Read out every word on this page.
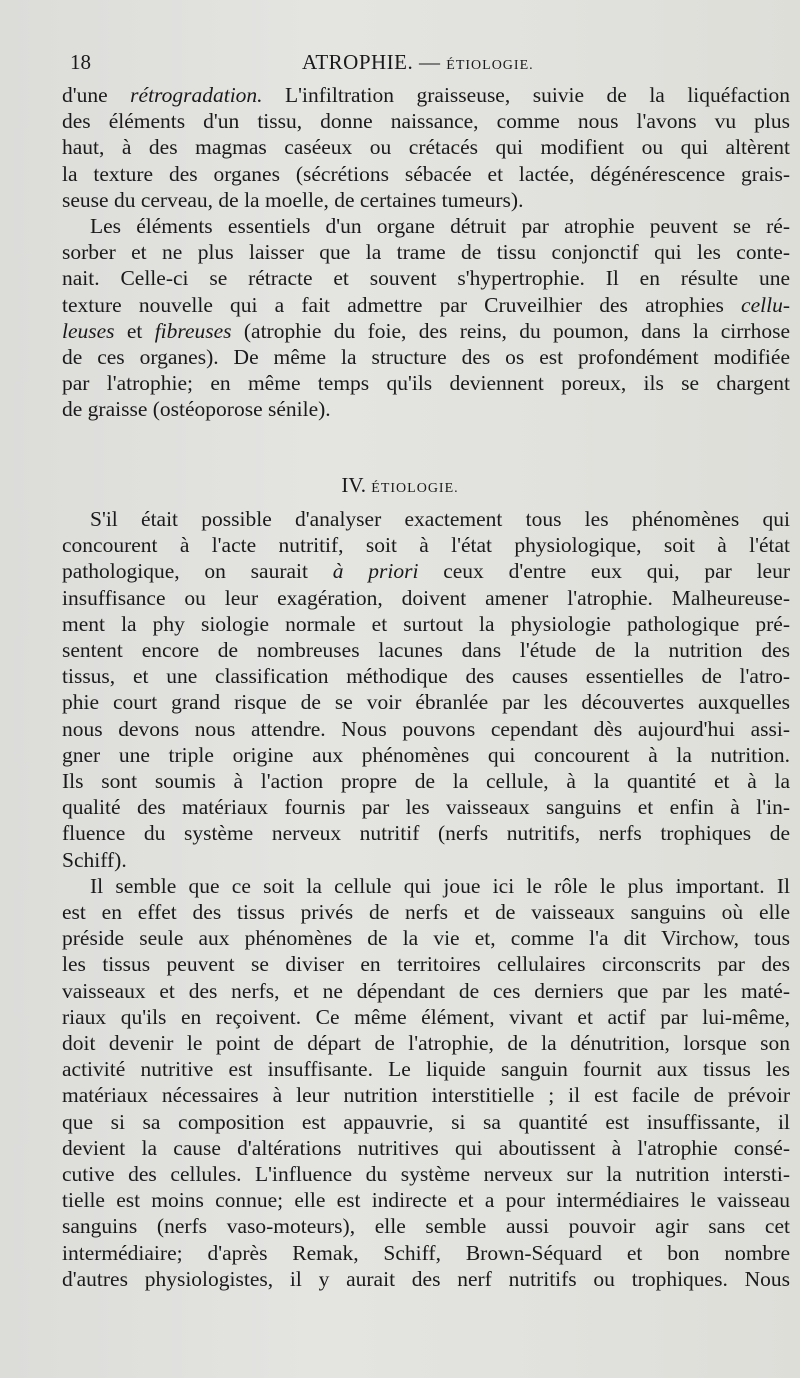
18	ATROPHIE. — ÉTIOLOGIE.
d'une rétrogradation. L'infiltration graisseuse, suivie de la liquéfaction
des éléments d'un tissu, donne naissance, comme nous l'avons vu plus
haut, à des magmas caséeux ou crétacés qui modifient ou qui altèrent
la texture des organes (sécrétions sébacée et lactée, dégénérescence grais-
seuse du cerveau, de la moelle, de certaines tumeurs).
Les éléments essentiels d'un organe détruit par atrophie peuvent se ré-
sorber et ne plus laisser que la trame de tissu conjonctif qui les conte-
nait. Celle-ci se rétracte et souvent s'hypertrophie. Il en résulte une
texture nouvelle qui a fait admettre par Cruveilhier des atrophies cellu-
leuses et fibreuses (atrophie du foie, des reins, du poumon, dans la cirrhose
de ces organes). De même la structure des os est profondément modifiée
par l'atrophie; en même temps qu'ils deviennent poreux, ils se chargent
de graisse (ostéoporose sénile).
IV. ÉTIOLOGIE.
S'il était possible d'analyser exactement tous les phénomènes qui
concourent à l'acte nutritif, soit à l'état physiologique, soit à l'état
pathologique, on saurait à priori ceux d'entre eux qui, par leur
insuffisance ou leur exagération, doivent amener l'atrophie. Malheureuse-
ment la phy siologie normale et surtout la physiologie pathologique pré-
sentent encore de nombreuses lacunes dans l'étude de la nutrition des
tissus, et une classification méthodique des causes essentielles de l'atro-
phie court grand risque de se voir ébranlée par les découvertes auxquelles
nous devons nous attendre. Nous pouvons cependant dès aujourd'hui assi-
gner une triple origine aux phénomènes qui concourent à la nutrition.
Ils sont soumis à l'action propre de la cellule, à la quantité et à la
qualité des matériaux fournis par les vaisseaux sanguins et enfin à l'in-
fluence du système nerveux nutritif (nerfs nutritifs, nerfs trophiques de
Schiff).
Il semble que ce soit la cellule qui joue ici le rôle le plus important. Il
est en effet des tissus privés de nerfs et de vaisseaux sanguins où elle
préside seule aux phénomènes de la vie et, comme l'a dit Virchow, tous
les tissus peuvent se diviser en territoires cellulaires circonscrits par des
vaisseaux et des nerfs, et ne dépendant de ces derniers que par les maté-
riaux qu'ils en reçoivent. Ce même élément, vivant et actif par lui-même,
doit devenir le point de départ de l'atrophie, de la dénutrition, lorsque son
activité nutritive est insuffisante. Le liquide sanguin fournit aux tissus les
matériaux nécessaires à leur nutrition interstitielle ; il est facile de prévoir
que si sa composition est appauvrie, si sa quantité est insuffissante, il
devient la cause d'altérations nutritives qui aboutissent à l'atrophie consé-
cutive des cellules. L'influence du système nerveux sur la nutrition intersti-
tielle est moins connue; elle est indirecte et a pour intermédiaires le vaisseau
sanguins (nerfs vaso-moteurs), elle semble aussi pouvoir agir sans cet
intermédiaire; d'après Remak, Schiff, Brown-Séquard et bon nombre
d'autres physiologistes, il y aurait des nerf nutritifs ou trophiques. Nous
